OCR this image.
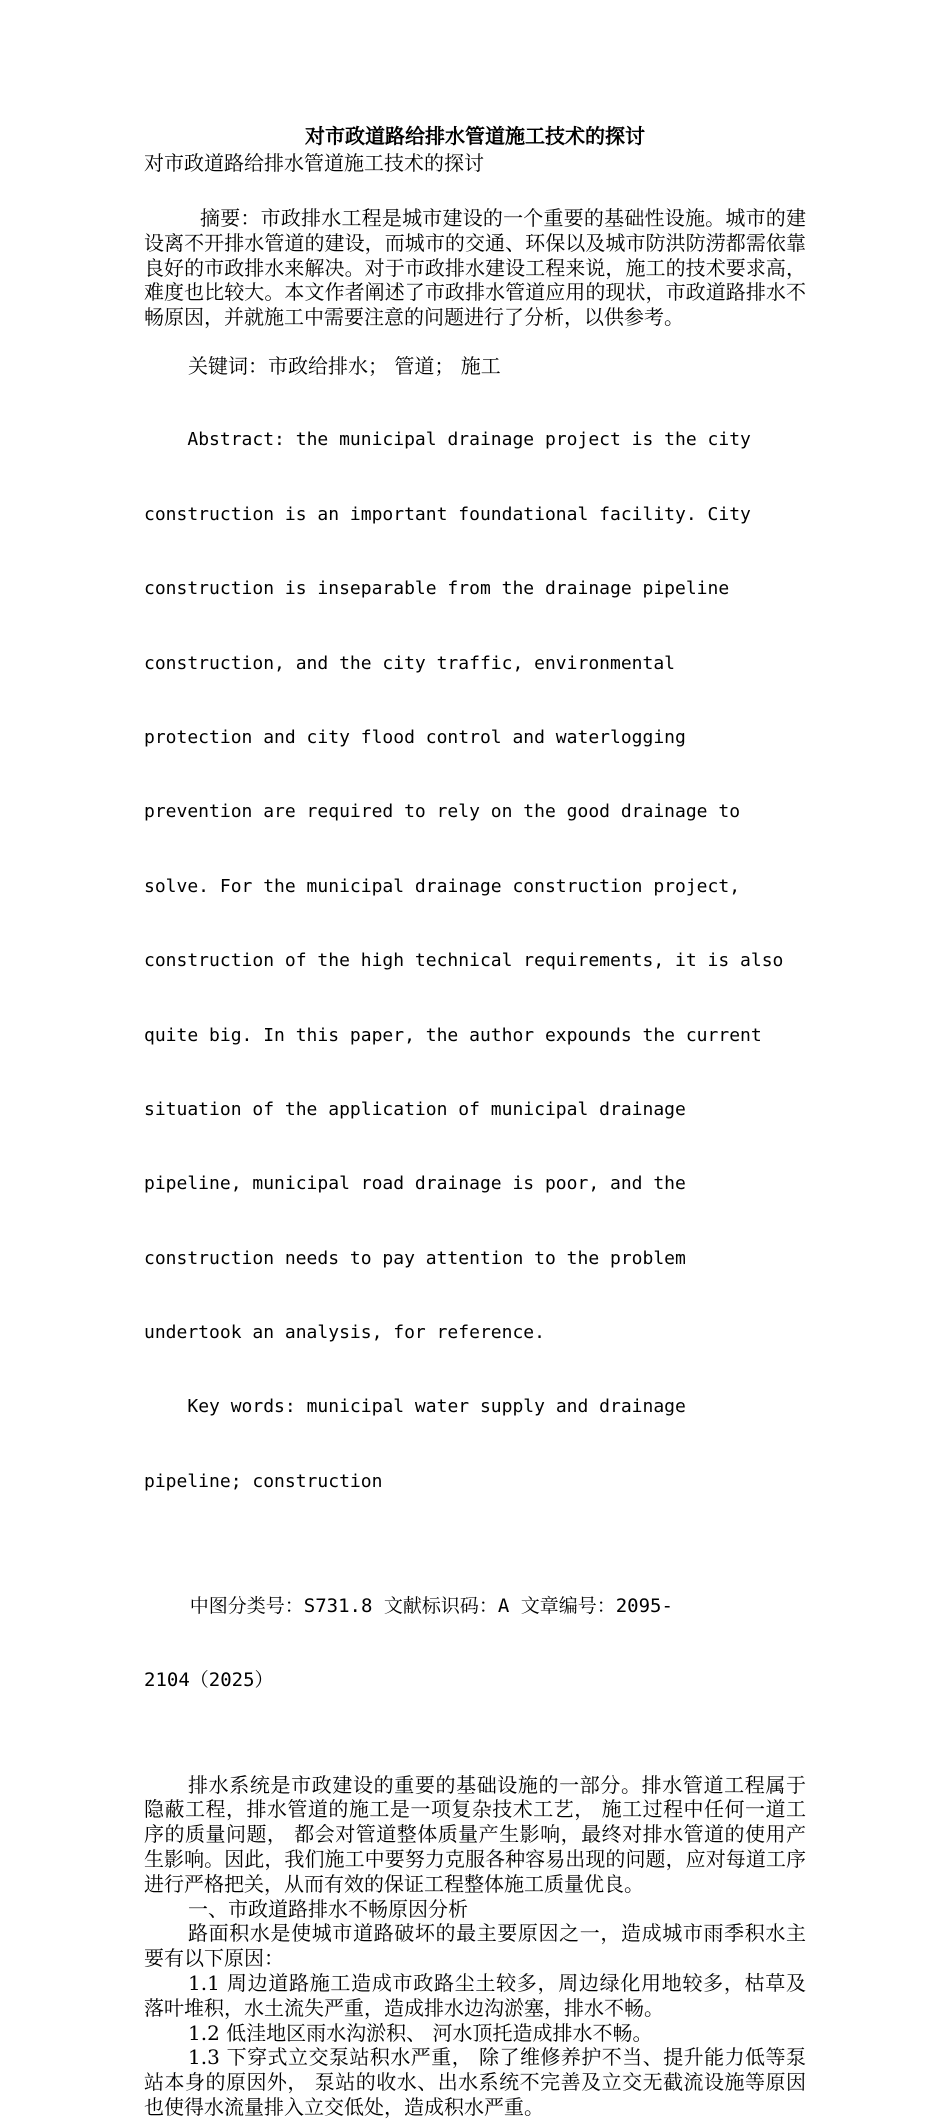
对市政道路给排水管道施工技术的探讨

对市政道路给排水管道施工技术的探讨

摘要：市政排水工程是城市建设的一个重要的基础性设施。城市的建设离不开排水管道的建设，而城市的交通、环保以及城市防洪防涝都需依靠良好的市政排水来解决。对于市政排水建设工程来说，施工的技术要求高，难度也比较大。本文作者阐述了市政排水管道应用的现状，市政道路排水不畅原因，并就施工中需要注意的问题进行了分析，以供参考。

关键词：市政给排水； 管道； 施工

Abstract: the municipal drainage project is the city

construction is an important foundational facility. City

construction is inseparable from the drainage pipeline

construction, and the city traffic, environmental

protection and city flood control and waterlogging

prevention are required to rely on the good drainage to

solve. For the municipal drainage construction project,

construction of the high technical requirements, it is also

quite big. In this paper, the author expounds the current

situation of the application of municipal drainage

pipeline, municipal road drainage is poor, and the

construction needs to pay attention to the problem

undertook an analysis, for reference.

Key words: municipal water supply and drainage

pipeline; construction

中图分类号：S731.8 文献标识码：A 文章编号：2095-

2104（2025）

排水系统是市政建设的重要的基础设施的一部分。排水管道工程属于隐蔽工程，排水管道的施工是一项复杂技术工艺， 施工过程中任何一道工序的质量问题， 都会对管道整体质量产生影响，最终对排水管道的使用产生影响。因此，我们施工中要努力克服各种容易出现的问题，应对每道工序进行严格把关，从而有效的保证工程整体施工质量优良。

一、市政道路排水不畅原因分析

路面积水是使城市道路破坏的最主要原因之一，造成城市雨季积水主要有以下原因：

1.1 周边道路施工造成市政路尘土较多，周边绿化用地较多，枯草及落叶堆积，水土流失严重，造成排水边沟淤塞，排水不畅。

1.2 低洼地区雨水沟淤积、 河水顶托造成排水不畅。

1.3 下穿式立交泵站积水严重， 除了维修养护不当、提升能力低等泵站本身的原因外， 泵站的收水、出水系统不完善及立交无截流设施等原因也使得水流量排入立交低处，造成积水严重。
